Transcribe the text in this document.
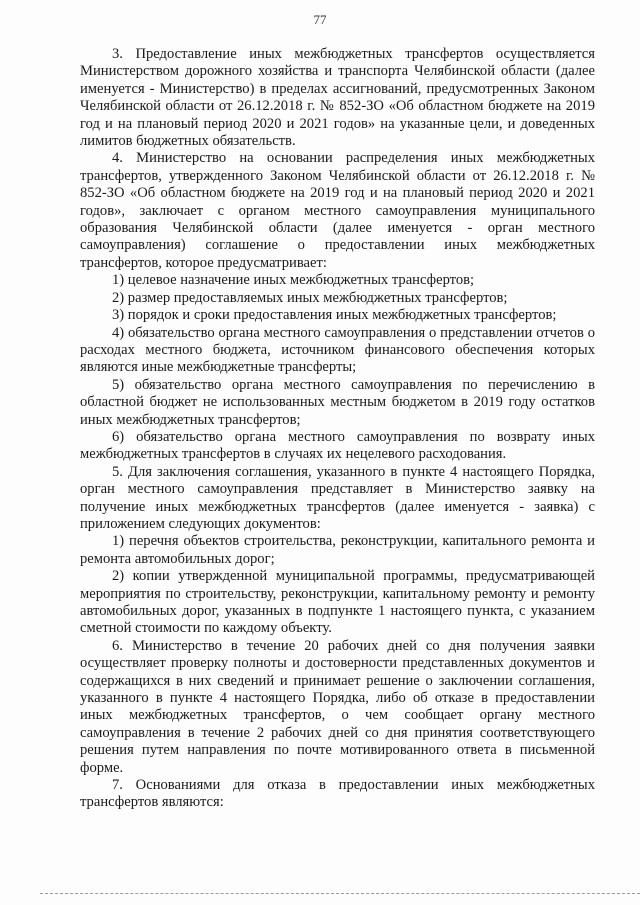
77

3. Предоставление иных межбюджетных трансфертов осуществляется Министерством дорожного хозяйства и транспорта Челябинской области (далее именуется - Министерство) в пределах ассигнований, предусмотренных Законом Челябинской области от 26.12.2018 г. № 852-ЗО «Об областном бюджете на 2019 год и на плановый период 2020 и 2021 годов» на указанные цели, и доведенных лимитов бюджетных обязательств.

4. Министерство на основании распределения иных межбюджетных трансфертов, утвержденного Законом Челябинской области от 26.12.2018 г. № 852-ЗО «Об областном бюджете на 2019 год и на плановый период 2020 и 2021 годов», заключает с органом местного самоуправления муниципального образования Челябинской области (далее именуется - орган местного самоуправления) соглашение о предоставлении иных межбюджетных трансфертов, которое предусматривает:

1) целевое назначение иных межбюджетных трансфертов;

2) размер предоставляемых иных межбюджетных трансфертов;

3) порядок и сроки предоставления иных межбюджетных трансфертов;

4) обязательство органа местного самоуправления о представлении отчетов о расходах местного бюджета, источником финансового обеспечения которых являются иные межбюджетные трансферты;

5) обязательство органа местного самоуправления по перечислению в областной бюджет не использованных местным бюджетом в 2019 году остатков иных межбюджетных трансфертов;

6) обязательство органа местного самоуправления по возврату иных межбюджетных трансфертов в случаях их нецелевого расходования.

5. Для заключения соглашения, указанного в пункте 4 настоящего Порядка, орган местного самоуправления представляет в Министерство заявку на получение иных межбюджетных трансфертов (далее именуется - заявка) с приложением следующих документов:

1) перечня объектов строительства, реконструкции, капитального ремонта и ремонта автомобильных дорог;

2) копии утвержденной муниципальной программы, предусматривающей мероприятия по строительству, реконструкции, капитальному ремонту и ремонту автомобильных дорог, указанных в подпункте 1 настоящего пункта, с указанием сметной стоимости по каждому объекту.

6. Министерство в течение 20 рабочих дней со дня получения заявки осуществляет проверку полноты и достоверности представленных документов и содержащихся в них сведений и принимает решение о заключении соглашения, указанного в пункте 4 настоящего Порядка, либо об отказе в предоставлении иных межбюджетных трансфертов, о чем сообщает органу местного самоуправления в течение 2 рабочих дней со дня принятия соответствующего решения путем направления по почте мотивированного ответа в письменной форме.

7. Основаниями для отказа в предоставлении иных межбюджетных трансфертов являются:
